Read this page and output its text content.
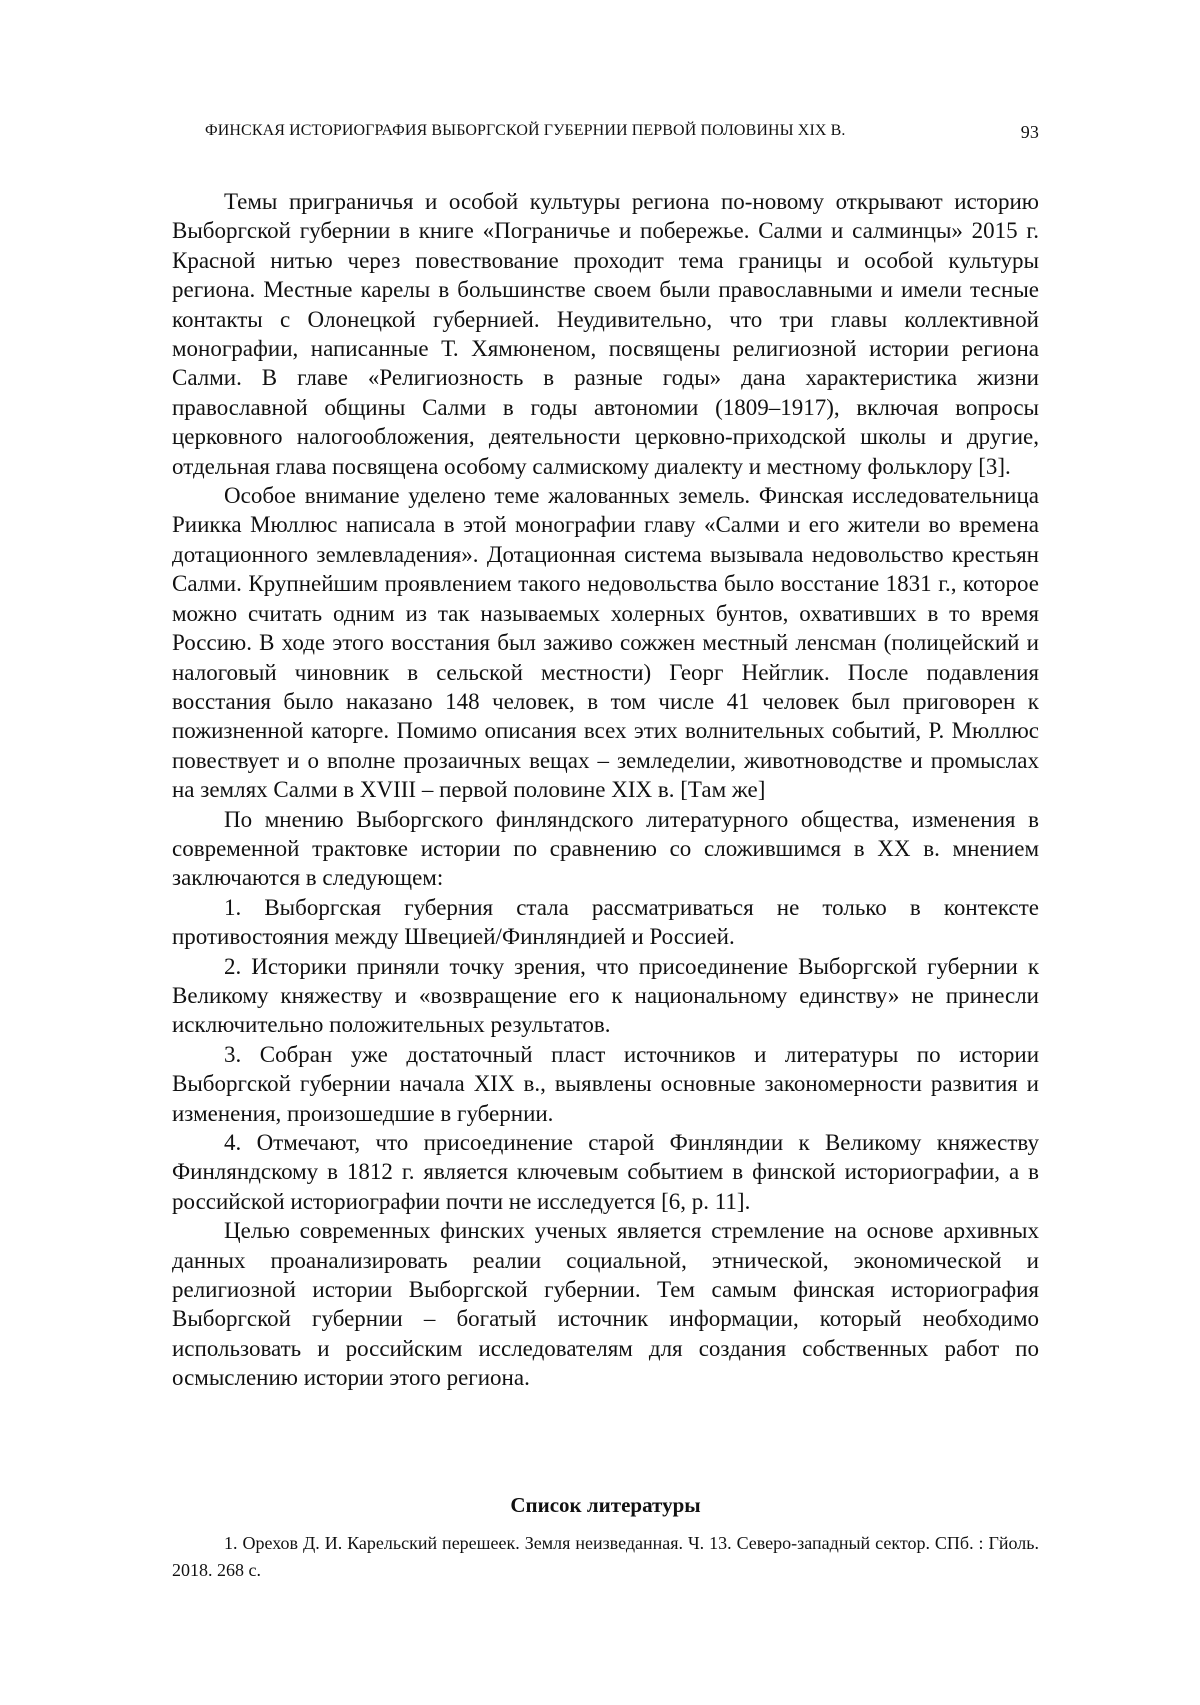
ФИНСКАЯ ИСТОРИОГРАФИЯ ВЫБОРГСКОЙ ГУБЕРНИИ ПЕРВОЙ ПОЛОВИНЫ XIX В.	93

Темы приграничья и особой культуры региона по-новому открывают историю Выборгской губернии в книге «Пограничье и побережье. Салми и салминцы» 2015 г. Красной нитью через повествование проходит тема границы и особой культуры региона. Местные карелы в большинстве своем были православными и имели тесные контакты с Олонецкой губернией. Неудивительно, что три главы коллективной монографии, написанные Т. Хямюненом, посвящены религиозной истории региона Салми. В главе «Религиозность в разные годы» дана характеристика жизни православной общины Салми в годы автономии (1809–1917), включая вопросы церковного налогообложения, деятельности церковно-приходской школы и другие, отдельная глава посвящена особому салмискому диалекту и местному фольклору [3].

Особое внимание уделено теме жалованных земель. Финская исследовательница Риикка Мюллюс написала в этой монографии главу «Салми и его жители во времена дотационного землевладения». Дотационная система вызывала недовольство крестьян Салми. Крупнейшим проявлением такого недовольства было восстание 1831 г., которое можно считать одним из так называемых холерных бунтов, охвативших в то время Россию. В ходе этого восстания был заживо сожжен местный ленсман (полицейский и налоговый чиновник в сельской местности) Георг Нейглик. После подавления восстания было наказано 148 человек, в том числе 41 человек был приговорен к пожизненной каторге. Помимо описания всех этих волнительных событий, Р. Мюллюс повествует и о вполне прозаичных вещах – земледелии, животноводстве и промыслах на землях Салми в XVIII – первой половине XIX в. [Там же]

По мнению Выборгского финляндского литературного общества, изменения в современной трактовке истории по сравнению со сложившимся в XX в. мнением заключаются в следующем:

1. Выборгская губерния стала рассматриваться не только в контексте противостояния между Швецией/Финляндией и Россией.

2. Историки приняли точку зрения, что присоединение Выборгской губернии к Великому княжеству и «возвращение его к национальному единству» не принесли исключительно положительных результатов.

3. Собран уже достаточный пласт источников и литературы по истории Выборгской губернии начала XIX в., выявлены основные закономерности развития и изменения, произошедшие в губернии.

4. Отмечают, что присоединение старой Финляндии к Великому княжеству Финляндскому в 1812 г. является ключевым событием в финской историографии, а в российской историографии почти не исследуется [6, p. 11].

Целью современных финских ученых является стремление на основе архивных данных проанализировать реалии социальной, этнической, экономической и религиозной истории Выборгской губернии. Тем самым финская историография Выборгской губернии – богатый источник информации, который необходимо использовать и российским исследователям для создания собственных работ по осмыслению истории этого региона.

Список литературы

1. Орехов Д. И. Карельский перешеек. Земля неизведанная. Ч. 13. Северо-западный сектор. СПб. : Гйоль. 2018. 268 с.
